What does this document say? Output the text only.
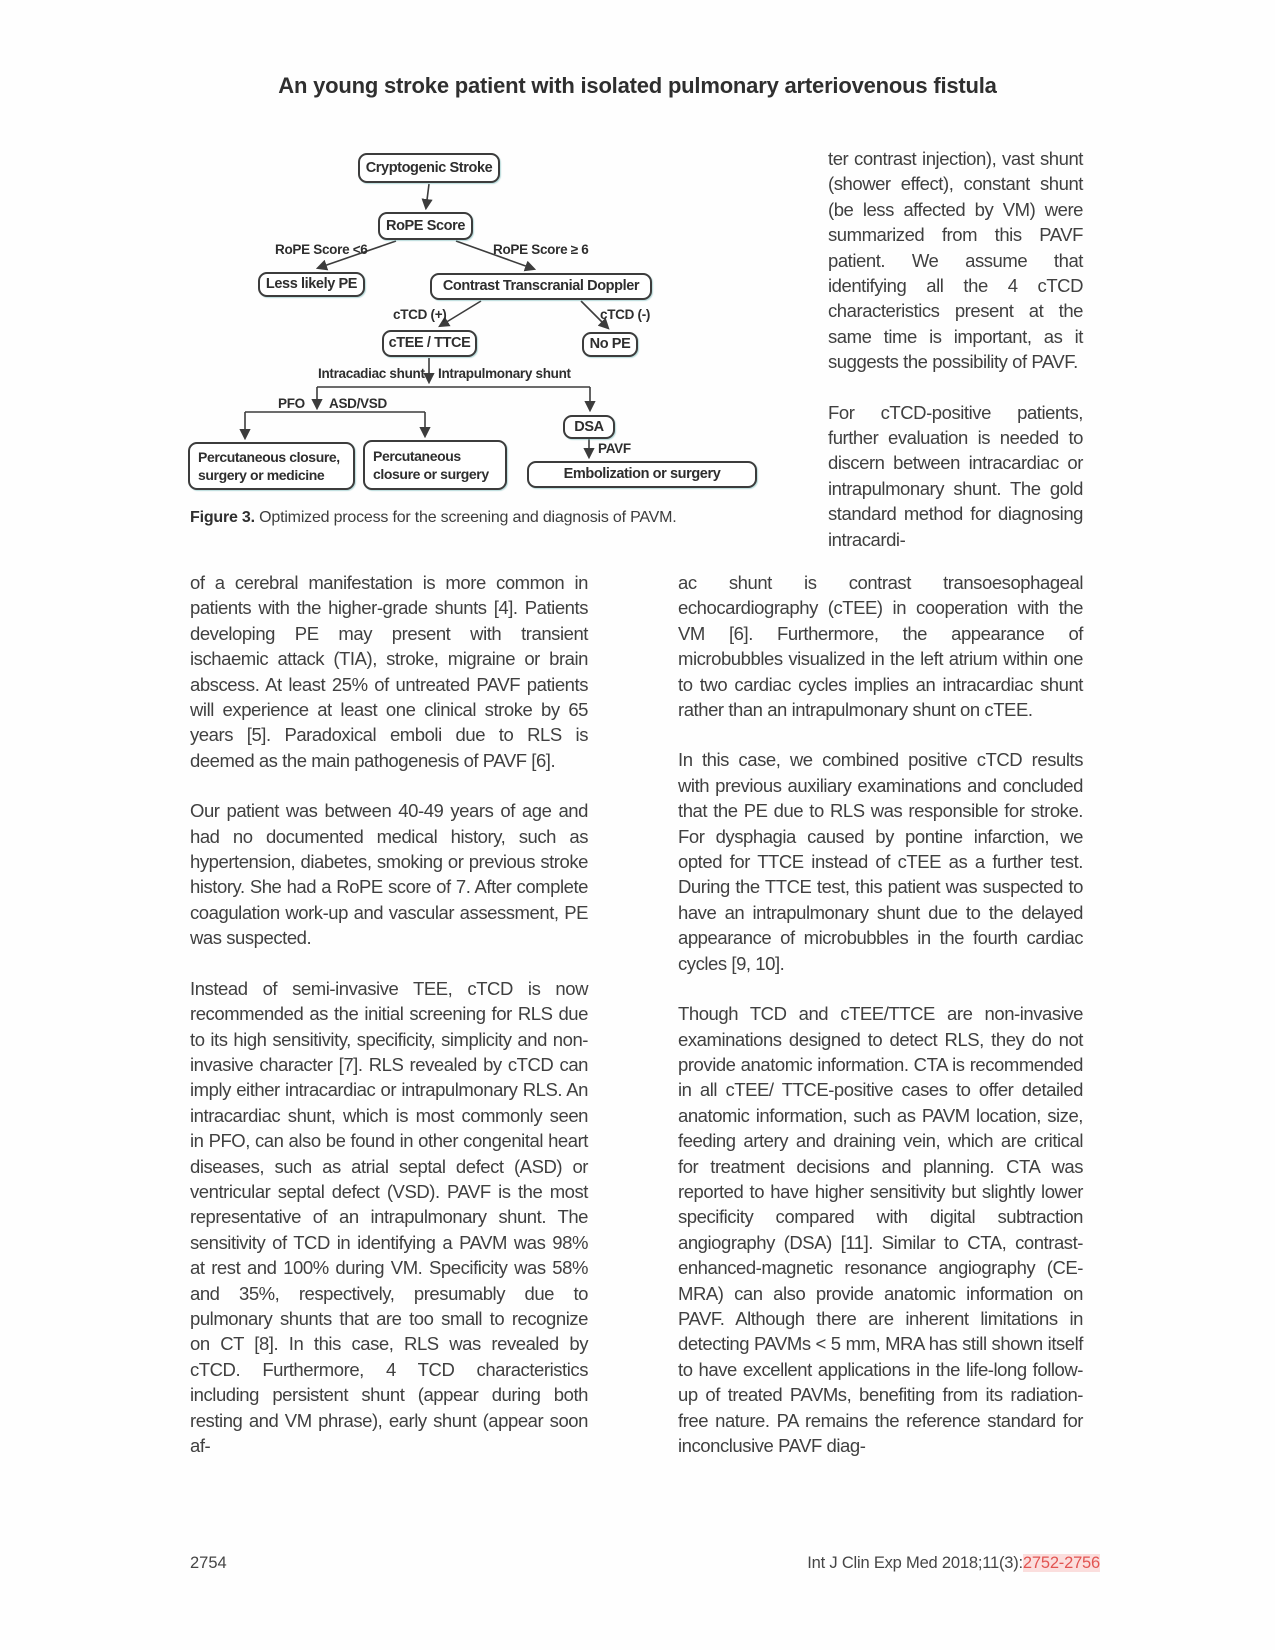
An young stroke patient with isolated pulmonary arteriovenous fistula
Cryptogenic Stroke
RoPE Score
Less likely PE	Contrast Transcranial Doppler
cTEE / TTCE	No PE
DSA
Percutaneous closure,
surgery or medicine
Percutaneous
closure or surgery	Embolization or surgery
RoPE Score <6	RoPE Score ≥ 6
cTCD (+)	cTCD (-)
Intracadiac shunt Intrapulmonary shunt
PFO ASD/VSD
PAVF
Figure 3. Optimized process for the screening and diagnosis of PAVM.

ter contrast injection), vast shunt (shower effect), constant shunt (be less affected by VM) were summarized from this PAVF patient. We assume that identifying all the 4 cTCD characteristics present at the same time is important, as it suggests the possibility of PAVF.

For cTCD-positive patients, further evaluation is needed to discern between intracardiac or intrapulmonary shunt. The gold standard method for diagnosing intracardi-

of a cerebral manifestation is more common in patients with the higher-grade shunts [4]. Patients developing PE may present with transient ischaemic attack (TIA), stroke, migraine or brain abscess. At least 25% of untreated PAVF patients will experience at least one clinical stroke by 65 years [5]. Paradoxical emboli due to RLS is deemed as the main pathogenesis of PAVF [6].

Our patient was between 40-49 years of age and had no documented medical history, such as hypertension, diabetes, smoking or previous stroke history. She had a RoPE score of 7. After complete coagulation work-up and vascular assessment, PE was suspected.

Instead of semi-invasive TEE, cTCD is now recommended as the initial screening for RLS due to its high sensitivity, specificity, simplicity and non-invasive character [7]. RLS revealed by cTCD can imply either intracardiac or intrapulmonary RLS. An intracardiac shunt, which is most commonly seen in PFO, can also be found in other congenital heart diseases, such as atrial septal defect (ASD) or ventricular septal defect (VSD). PAVF is the most representative of an intrapulmonary shunt. The sensitivity of TCD in identifying a PAVM was 98% at rest and 100% during VM. Specificity was 58% and 35%, respectively, presumably due to pulmonary shunts that are too small to recognize on CT [8]. In this case, RLS was revealed by cTCD. Furthermore, 4 TCD characteristics including persistent shunt (appear during both resting and VM phrase), early shunt (appear soon af-

ac shunt is contrast transoesophageal echocardiography (cTEE) in cooperation with the VM [6]. Furthermore, the appearance of microbubbles visualized in the left atrium within one to two cardiac cycles implies an intracardiac shunt rather than an intrapulmonary shunt on cTEE.

In this case, we combined positive cTCD results with previous auxiliary examinations and concluded that the PE due to RLS was responsible for stroke. For dysphagia caused by pontine infarction, we opted for TTCE instead of cTEE as a further test. During the TTCE test, this patient was suspected to have an intrapulmonary shunt due to the delayed appearance of microbubbles in the fourth cardiac cycles [9, 10].

Though TCD and cTEE/TTCE are non-invasive examinations designed to detect RLS, they do not provide anatomic information. CTA is recommended in all cTEE/ TTCE-positive cases to offer detailed anatomic information, such as PAVM location, size, feeding artery and draining vein, which are critical for treatment decisions and planning. CTA was reported to have higher sensitivity but slightly lower specificity compared with digital subtraction angiography (DSA) [11]. Similar to CTA, contrast-enhanced-magnetic resonance angiography (CE-MRA) can also provide anatomic information on PAVF. Although there are inherent limitations in detecting PAVMs < 5 mm, MRA has still shown itself to have excellent applications in the life-long follow-up of treated PAVMs, benefiting from its radiation-free nature. PA remains the reference standard for inconclusive PAVF diag-

2754	Int J Clin Exp Med 2018;11(3):2752-2756
